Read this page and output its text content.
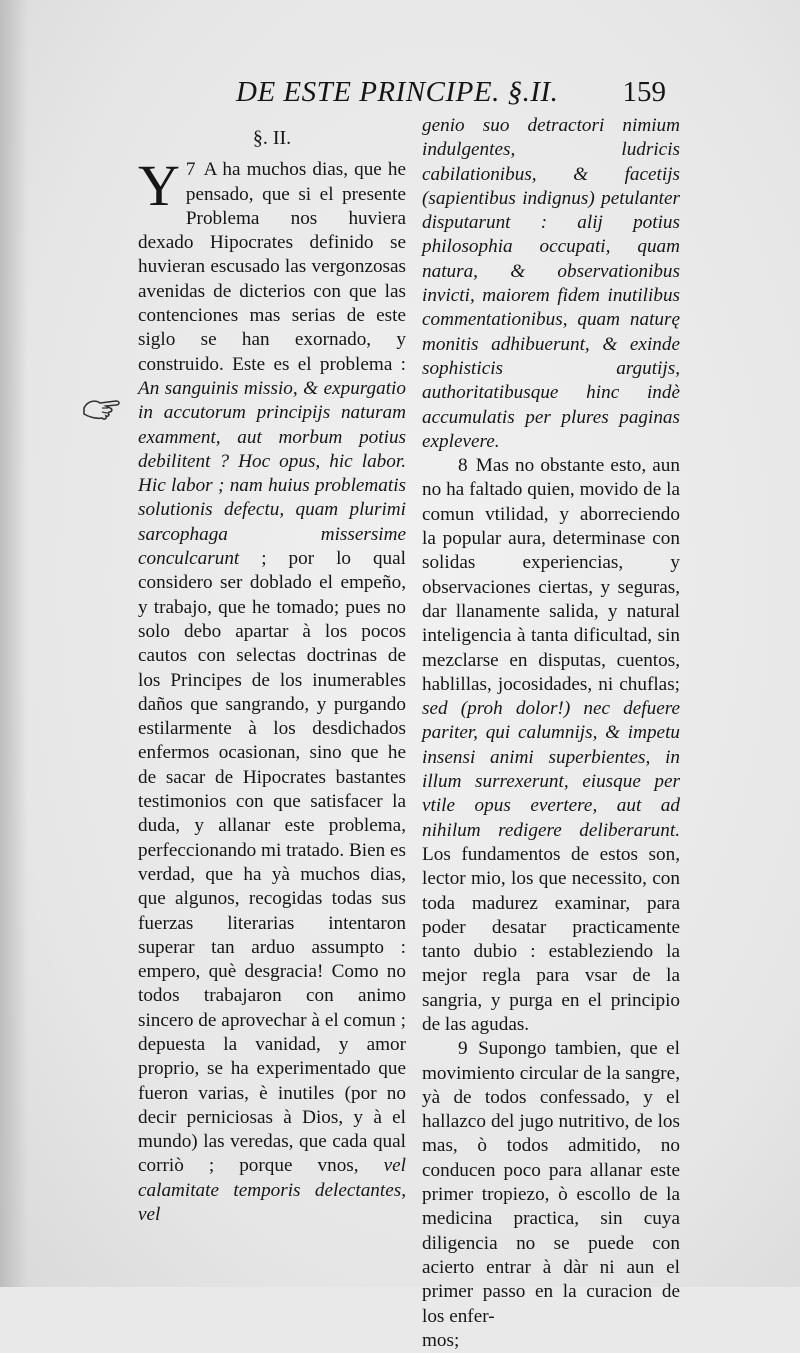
DE ESTE PRINCIPE. §.II. 159
§. II.

7
Y A ha muchos dias, que he pensado, que si el presente Problema nos huviera dexado Hipocrates definido se huvieran escusado las vergonzosas avenidas de dicterios con que las contenciones mas serias de este siglo se han exornado, y construido. Este es el problema : An sanguinis missio, & expurgatio in accutorum principijs naturam examment, aut morbum potius debilitent ? Hoc opus, hic labor. Hic labor ; nam huius problematis solutionis defectu, quam plurimi sarcophaga missersime conculcarunt ; por lo qual considero ser doblado el empeño, y trabajo, que he tomado; pues no solo debo apartar à los pocos cautos con selectas doctrinas de los Principes de los inumerables daños que sangrando, y purgando estilarmente à los desdichados enfermos ocasionan, sino que he de sacar de Hipocrates bastantes testimonios con que satisfacer la duda, y allanar este problema, perfeccionando mi tratado. Bien es verdad, que ha yà muchos dias, que algunos, recogidas todas sus fuerzas literarias intentaron superar tan arduo assumpto : empero, què desgracia! Como no todos trabajaron con animo sincero de aprovechar à el comun ; depuesta la vanidad, y amor proprio, se ha experimentado que fueron varias, è inutiles (por no decir perniciosas à Dios, y à el mundo) las veredas, que cada qual corriò ; porque vnos, vel calamitate temporis delectantes, vel

genio suo detractori nimium indulgentes, ludricis cabilationibus, & facetijs (sapientibus indignus) petulanter disputarunt : alij potius philosophia occupati, quam natura, & observationibus invicti, maiorem fidem inutilibus commentationibus, quam naturę monitis adhibuerunt, & exinde sophisticis argutijs, authoritatibusque hinc indè accumulatis per plures paginas explevere.

8 Mas no obstante esto, aun no ha faltado quien, movido de la comun vtilidad, y aborreciendo la popular aura, determinase con solidas experiencias, y observaciones ciertas, y seguras, dar llanamente salida, y natural inteligencia à tanta dificultad, sin mezclarse en disputas, cuentos, hablillas, jocosidades, ni chuflas; sed (proh dolor!) nec defuere pariter, qui calumnijs, & impetu insensi animi superbientes, in illum surrexerunt, eiusque per vtile opus evertere, aut ad nihilum redigere deliberarunt. Los fundamentos de estos son, lector mio, los que necessito, con toda madurez examinar, para poder desatar practicamente tanto dubio : estableziendo la mejor regla para vsar de la sangria, y purga en el principio de las agudas.

9 Supongo tambien, que el movimiento circular de la sangre, yà de todos confessado, y el hallazco del jugo nutritivo, de los mas, ò todos admitido, no conducen poco para allanar este primer tropiezo, ò escollo de la medicina practica, sin cuya diligencia no se puede con acierto entrar à dàr ni aun el primer passo en la curacion de los enfer-

mos;
